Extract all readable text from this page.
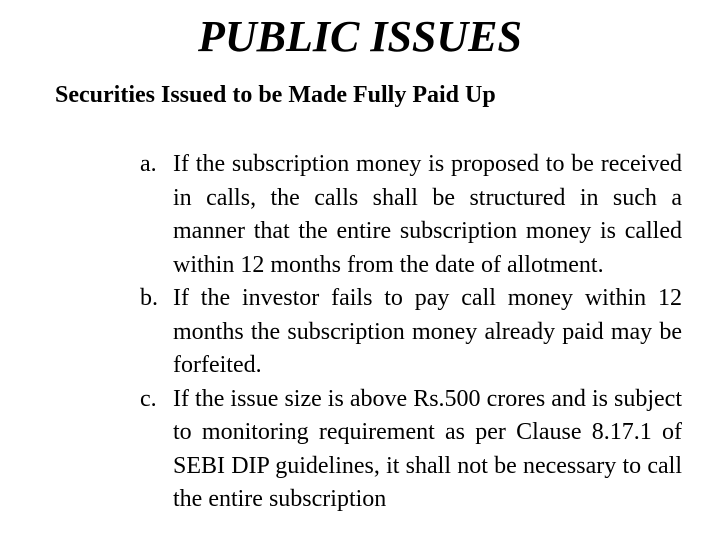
PUBLIC ISSUES
Securities Issued to be Made Fully Paid Up
a. If the subscription money is proposed to be received in calls, the calls shall be structured in such a manner that the entire subscription money is called within 12 months from the date of allotment.
b. If the investor fails to pay call money within 12 months the subscription money already paid may be forfeited.
c. If the issue size is above Rs.500 crores and is subject to monitoring requirement as per Clause 8.17.1 of SEBI DIP guidelines, it shall not be necessary to call the entire subscription
